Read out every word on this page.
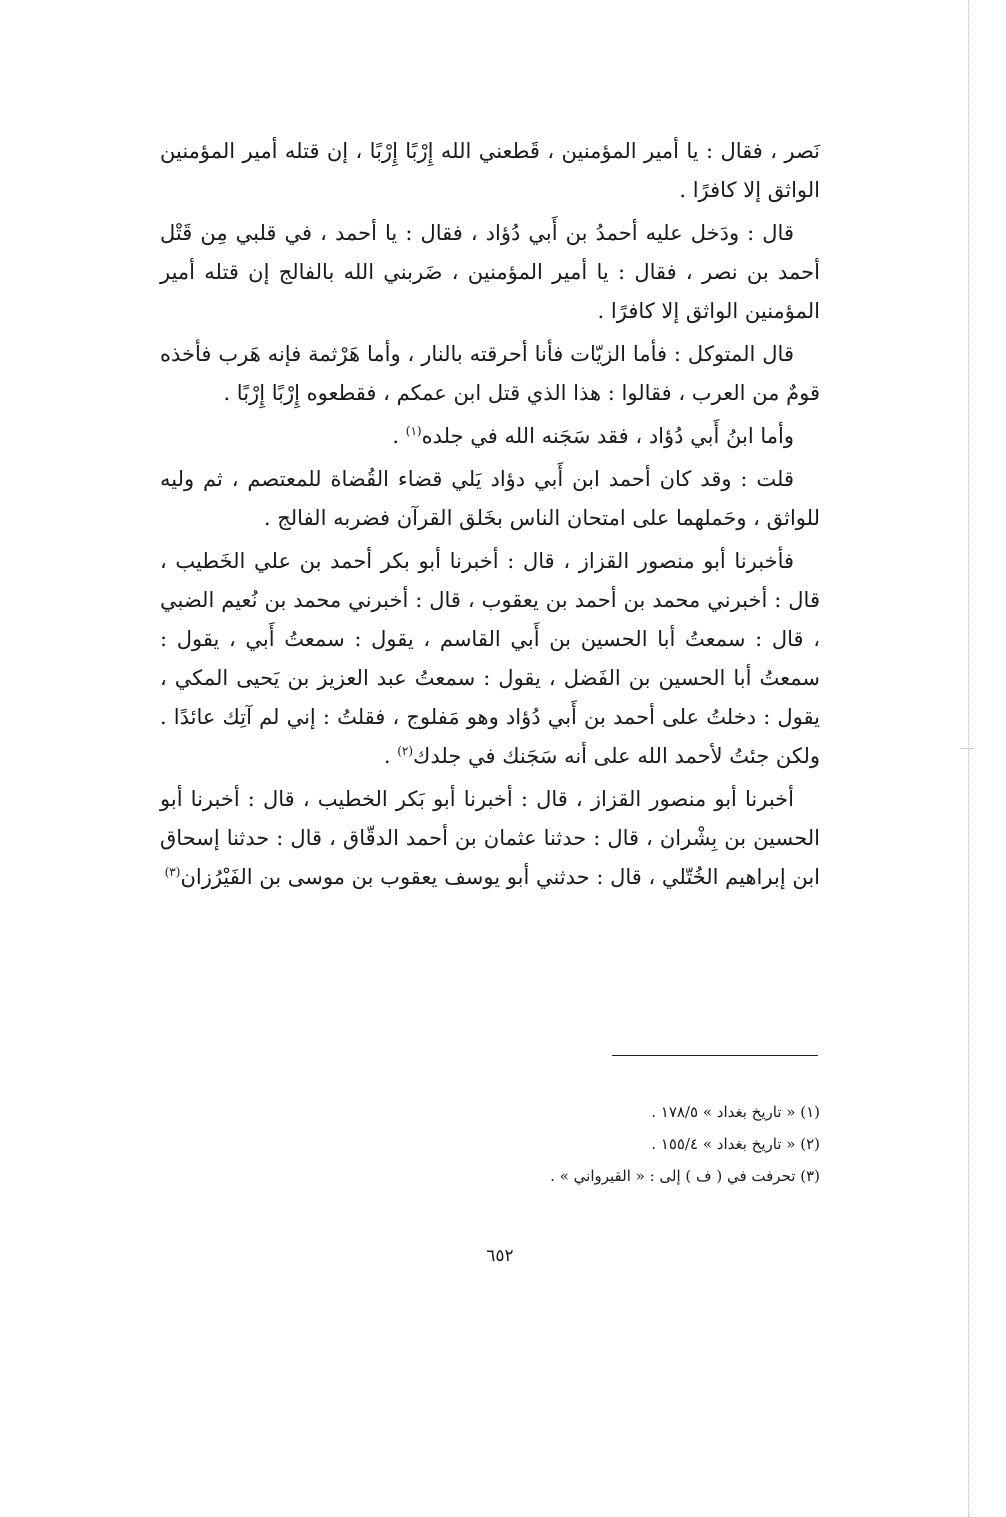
نَصر ، فقال : يا أمير المؤمنين ، قَطعني الله إِرْبًا إِرْبًا ، إن قتله أمير المؤمنين الواثق إلا كافرًا .

قال : ودَخل عليه أحمدُ بن أَبي دُؤاد ، فقال : يا أحمد ، في قلبي مِن قَتْل أحمد بن نصر ، فقال : يا أمير المؤمنين ، ضَربني الله بالفالج إن قتله أمير المؤمنين الواثق إلا كافرًا .

قال المتوكل : فأما الزيّات فأنا أحرقته بالنار ، وأما هَرْثمة فإنه هَرب فأخذه قومٌ من العرب ، فقالوا : هذا الذي قتل ابن عمكم ، فقطعوه إِرْبًا إِرْبًا .

وأما ابنُ أَبي دُؤاد ، فقد سَجَنه الله في جلده$^{(١)}$ .

قلت : وقد كان أحمد ابن أَبي دؤاد يَلي قضاء القُضاة للمعتصم ، ثم وليه للواثق ، وحَملهما على امتحان الناس بخَلق القرآن فضربه الفالج .

فأخبرنا أبو منصور القزاز ، قال : أخبرنا أبو بكر أحمد بن علي الخَطيب ، قال : أخبرني محمد بن أحمد بن يعقوب ، قال : أخبرني محمد بن نُعيم الضبي ، قال : سمعتُ أبا الحسين بن أَبي القاسم ، يقول : سمعتُ أَبي ، يقول : سمعتُ أبا الحسين بن الفَضل ، يقول : سمعتُ عبد العزيز بن يَحيى المكي ، يقول : دخلتُ على أحمد بن أَبي دُؤاد وهو مَفلوج ، فقلتُ : إني لم آتِك عائدًا . ولكن جئتُ لأحمد الله على أنه سَجَنك في جلدك$^{(٢)}$ .

أخبرنا أبو منصور القزاز ، قال : أخبرنا أبو بَكر الخطيب ، قال : أخبرنا أبو الحسين بن بِشْران ، قال : حدثنا عثمان بن أحمد الدقّاق ، قال : حدثنا إسحاق ابن إبراهيم الخُتّلي ، قال : حدثني أبو يوسف يعقوب بن موسى بن الفَيْرُزان$^{(٣)}$

(١) « تاريخ بغداد » ١٧٨/٥ .

(٢) « تاريخ بغداد » ١٥٥/٤ .

(٣) تحرفت في ( ف ) إلى : « القيرواني » .

٦٥٢
